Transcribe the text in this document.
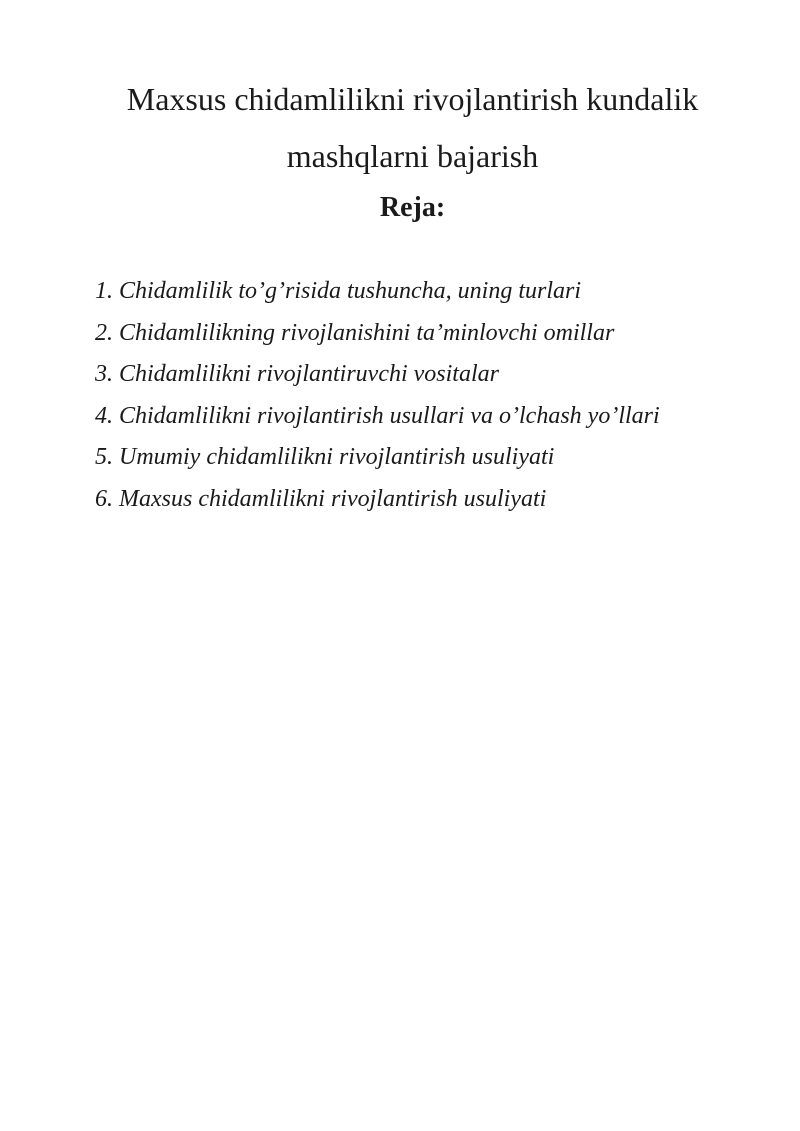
Maxsus chidamlilikni rivojlantirish kundalik
mashqlarni bajarish
Reja:
1. Chidamlilik to’g’risida tushuncha, uning turlari
2. Chidamlilikning rivojlanishini ta’minlovchi omillar
3. Chidamlilikni rivojlantiruvchi vositalar
4. Chidamlilikni rivojlantirish usullari va o’lchash yo’llari
5. Umumiy chidamlilikni rivojlantirish usuliyati
6. Maxsus chidamlilikni rivojlantirish usuliyati
